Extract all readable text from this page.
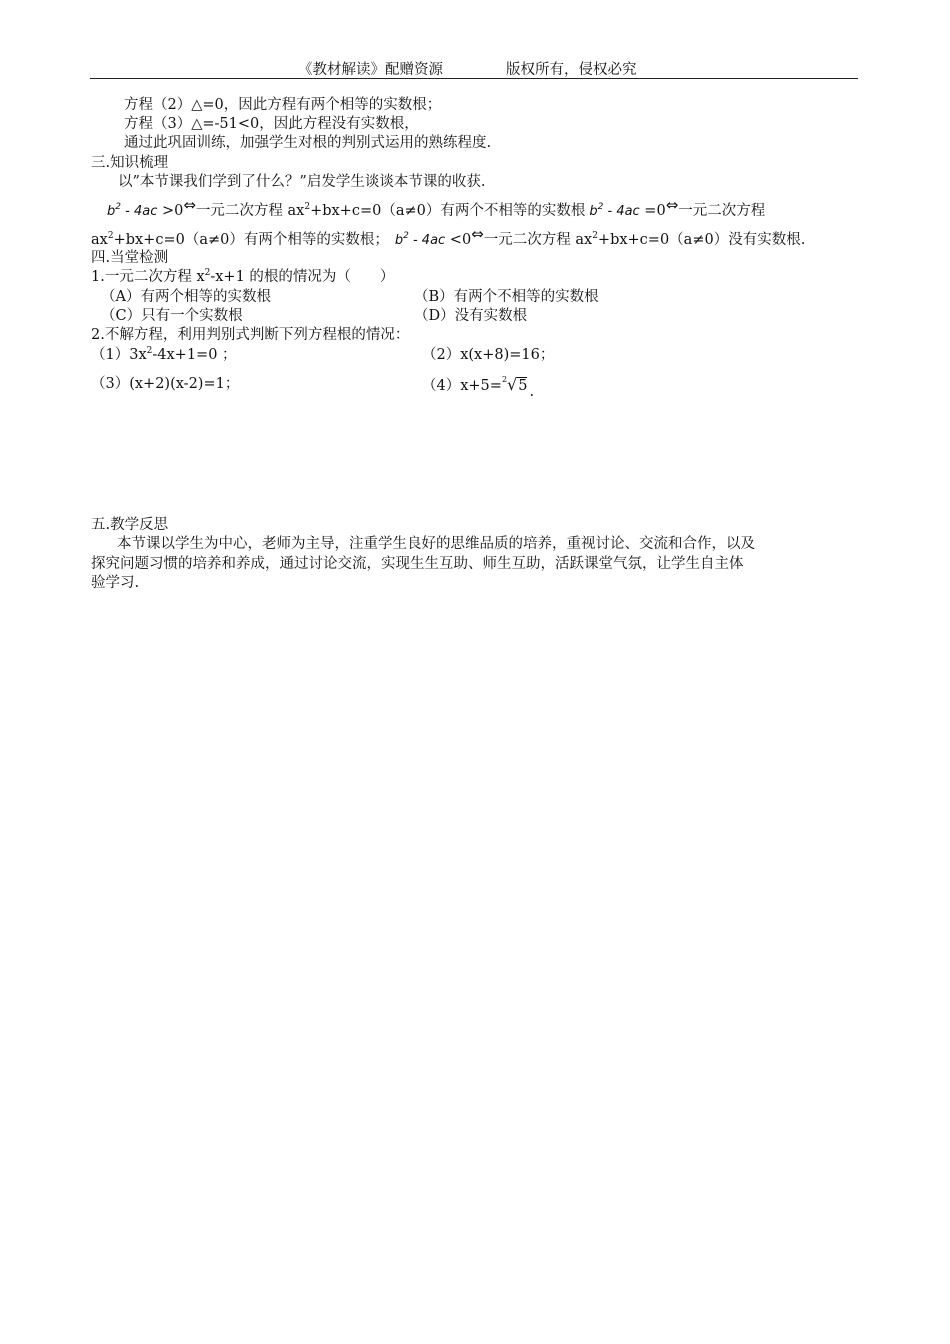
《教材解读》配赠资源	版权所有，侵权必究
方程（2）△=0，因此方程有两个相等的实数根；
方程（3）△=-51<0，因此方程没有实数根，
通过此巩固训练，加强学生对根的判别式运用的熟练程度.
三.知识梳理
以”本节课我们学到了什么？”启发学生谈谈本节课的收获.
$b^2 - 4ac$ >0⇔一元二次方程 $ax^2+bx+c=0(a\ne 0)$有两个不相等的实数根 $b^2 - 4ac$ =0⇔一元二次方程
$ax^2+bx+c=0(a\ne 0)$有两个相等的实数根； $b^2 - 4ac$ <0⇔一元二次方程 $ax^2+bx+c=0(a\ne 0)$没有实数根.
四.当堂检测
1.一元二次方程 $x^2-x+1$ 的根的情况为（　　）
（A）有两个相等的实数根	（B）有两个不相等的实数根
（C）只有一个实数根	（D）没有实数根
2.不解方程，利用判别式判断下列方程根的情况：
$(1)3x^2-4x+1=0$ ；	（2）x(x+8)=16；
（3）(x+2)(x-2)=1；	（4）x+5=$^2$√5 .
五.教学反思
本节课以学生为中心，老师为主导，注重学生良好的思维品质的培养，重视讨论、交流和合作，以及
探究问题习惯的培养和养成，通过讨论交流，实现生生互助、师生互助，活跃课堂气氛，让学生自主体
验学习.
